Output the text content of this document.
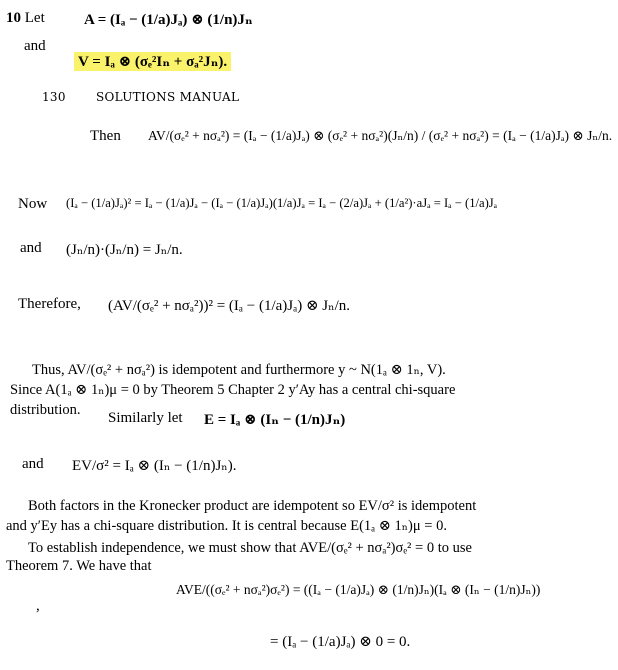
10 Let	A = (Iₐ − (1/a)Jₐ) ⊗ (1/n)Jₙ
and
V = Iₐ ⊗ (σₑ²Iₙ + σₐ²Jₙ).
130	SOLUTIONS MANUAL
Then AV/(σₑ² + nσₐ²) = (Iₐ − (1/a)Jₐ) ⊗ (σₑ² + nσₐ²)(Jₙ/n) / (σₑ² + nσₐ²) = (Iₐ − (1/a)Jₐ) ⊗ Jₙ/n.
Now (Iₐ − (1/a)Jₐ)² = Iₐ − (1/a)Jₐ − (Iₐ − (1/a)Jₐ)(1/a)Jₐ = Iₐ − (2/a)Jₐ + (1/a²)·aJₐ = Iₐ − (1/a)Jₐ
and (Jₙ/n)·(Jₙ/n) = Jₙ/n.
Therefore, (AV/(σₑ² + nσₐ²))² = (Iₐ − (1/a)Jₐ) ⊗ Jₙ/n.
Thus, AV/(σₑ² + nσₐ²) is idempotent and furthermore y ~ N(1ₐ ⊗ 1ₙ, V).
Since A(1ₐ ⊗ 1ₙ)μ = 0 by Theorem 5 Chapter 2 y′Ay has a central chi-square
distribution. Similarly let E = Iₐ ⊗ (Iₙ − (1/n)Jₙ)
and EV/σ² = Iₐ ⊗ (Iₙ − (1/n)Jₙ).
Both factors in the Kronecker product are idempotent so EV/σ² is idempotent
and y′Ey has a chi-square distribution. It is central because E(1ₐ ⊗ 1ₙ)μ = 0.
To establish independence, we must show that AVE/(σₑ² + nσₐ²)σₑ² = 0 to use
Theorem 7. We have that
AVE/((σₑ² + nσₐ²)σₑ²) = ((Iₐ − (1/a)Jₐ) ⊗ (1/n)Jₙ)(Iₐ ⊗ (Iₙ − (1/n)Jₙ))
,
= (Iₐ − (1/a)Jₐ) ⊗ 0 = 0.
